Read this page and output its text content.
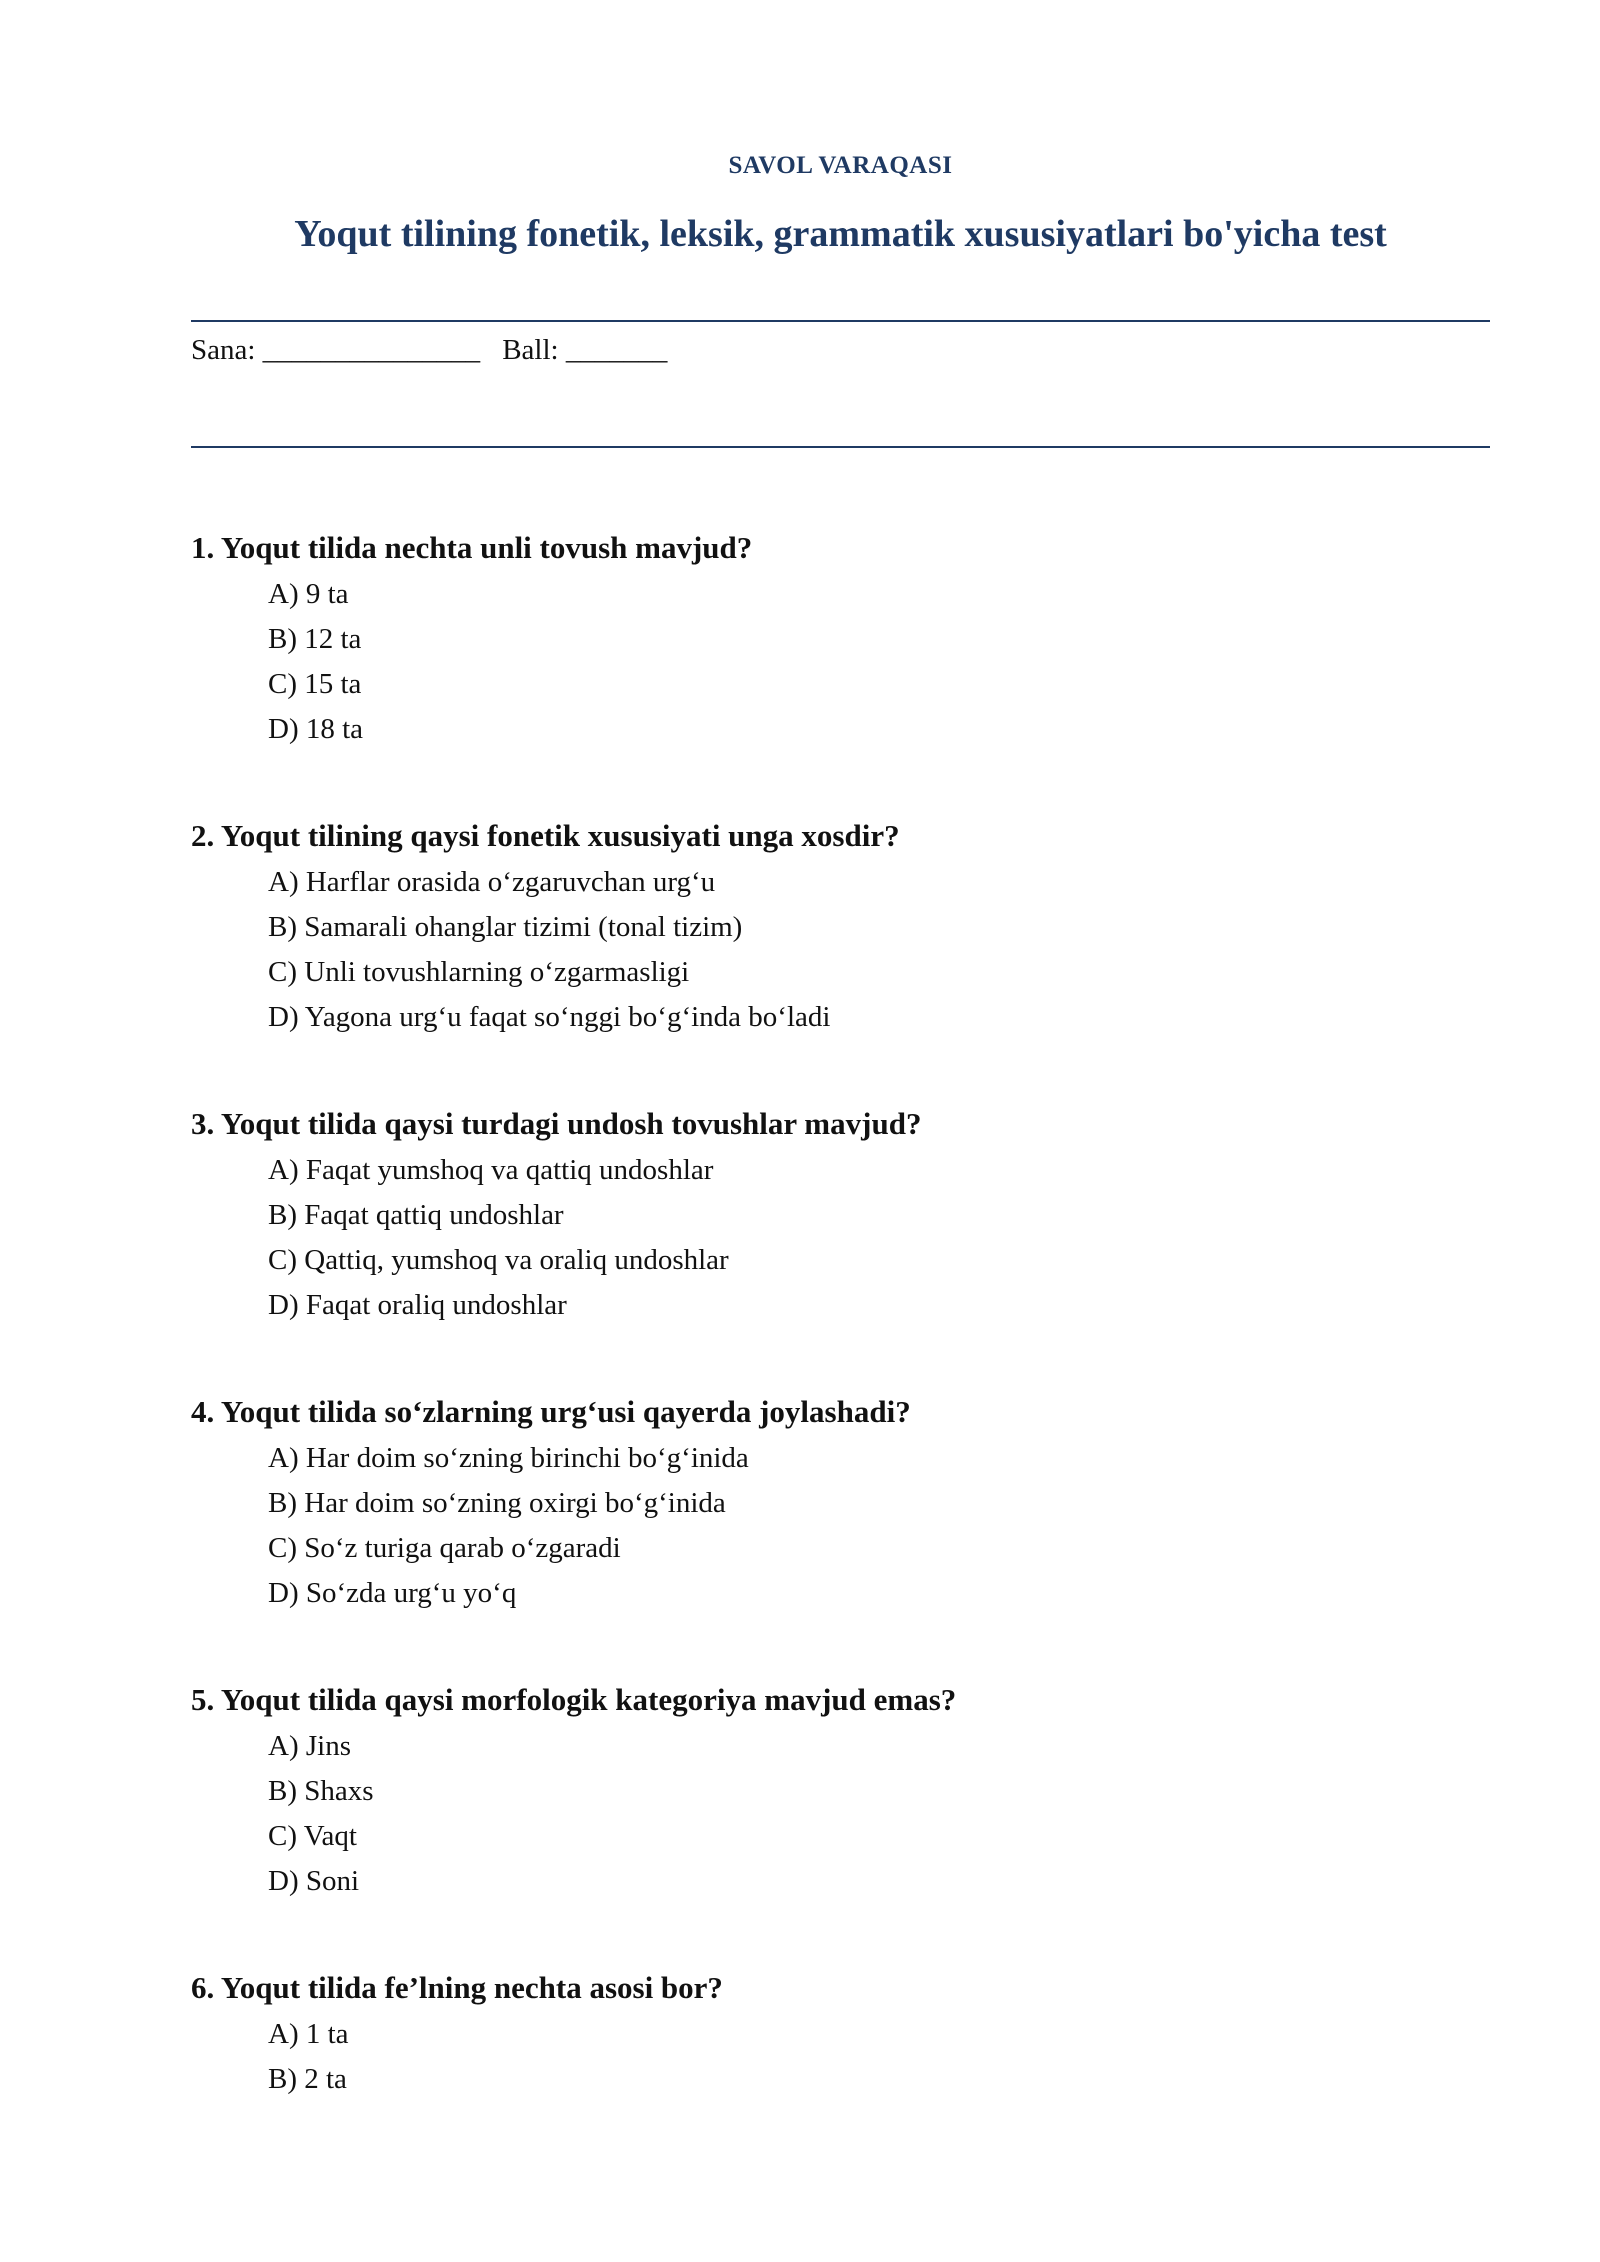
SAVOL VARAQASI
Yoqut tilining fonetik, leksik, grammatik xususiyatlari bo'yicha test
Sana: _______________ Ball: _______
1. Yoqut tilida nechta unli tovush mavjud?
A) 9 ta
B) 12 ta
C) 15 ta
D) 18 ta
2. Yoqut tilining qaysi fonetik xususiyati unga xosdir?
A) Harflar orasida o‘zgaruvchan urg‘u
B) Samarali ohanglar tizimi (tonal tizim)
C) Unli tovushlarning o‘zgarmasligi
D) Yagona urg‘u faqat so‘nggi bo‘g‘inda bo‘ladi
3. Yoqut tilida qaysi turdagi undosh tovushlar mavjud?
A) Faqat yumshoq va qattiq undoshlar
B) Faqat qattiq undoshlar
C) Qattiq, yumshoq va oraliq undoshlar
D) Faqat oraliq undoshlar
4. Yoqut tilida so‘zlarning urg‘usi qayerda joylashadi?
A) Har doim so‘zning birinchi bo‘g‘inida
B) Har doim so‘zning oxirgi bo‘g‘inida
C) So‘z turiga qarab o‘zgaradi
D) So‘zda urg‘u yo‘q
5. Yoqut tilida qaysi morfologik kategoriya mavjud emas?
A) Jins
B) Shaxs
C) Vaqt
D) Soni
6. Yoqut tilida fe’lning nechta asosi bor?
A) 1 ta
B) 2 ta
